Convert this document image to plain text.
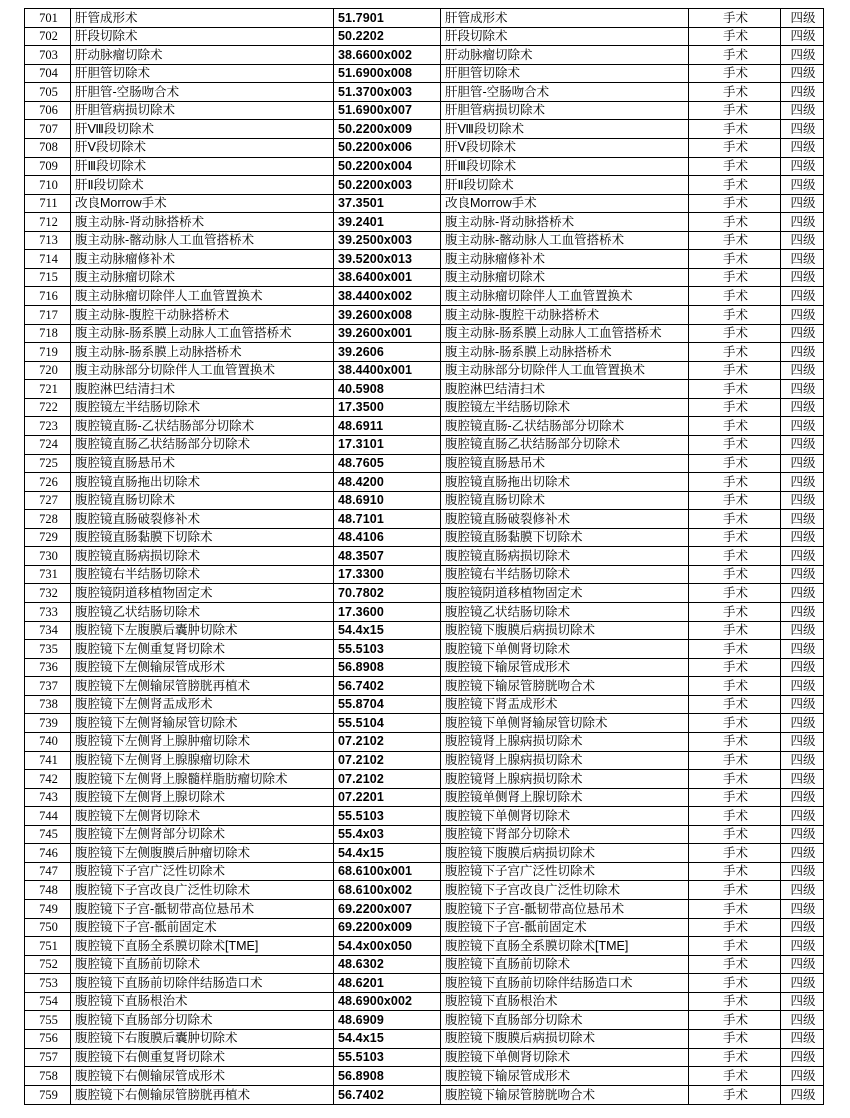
701	肝管成形术	51.7901	肝管成形术	手术	四级
702	肝段切除术	50.2202	肝段切除术	手术	四级
703	肝动脉瘤切除术	38.6600x002	肝动脉瘤切除术	手术	四级
704	肝胆管切除术	51.6900x008	肝胆管切除术	手术	四级
705	肝胆管-空肠吻合术	51.3700x003	肝胆管-空肠吻合术	手术	四级
706	肝胆管病损切除术	51.6900x007	肝胆管病损切除术	手术	四级
707	肝Ⅷ段切除术	50.2200x009	肝Ⅷ段切除术	手术	四级
708	肝Ⅴ段切除术	50.2200x006	肝Ⅴ段切除术	手术	四级
709	肝Ⅲ段切除术	50.2200x004	肝Ⅲ段切除术	手术	四级
710	肝Ⅱ段切除术	50.2200x003	肝Ⅱ段切除术	手术	四级
711	改良Morrow手术	37.3501	改良Morrow手术	手术	四级
712	腹主动脉-肾动脉搭桥术	39.2401	腹主动脉-肾动脉搭桥术	手术	四级
713	腹主动脉-髂动脉人工血管搭桥术	39.2500x003	腹主动脉-髂动脉人工血管搭桥术	手术	四级
714	腹主动脉瘤修补术	39.5200x013	腹主动脉瘤修补术	手术	四级
715	腹主动脉瘤切除术	38.6400x001	腹主动脉瘤切除术	手术	四级
716	腹主动脉瘤切除伴人工血管置换术	38.4400x002	腹主动脉瘤切除伴人工血管置换术	手术	四级
717	腹主动脉-腹腔干动脉搭桥术	39.2600x008	腹主动脉-腹腔干动脉搭桥术	手术	四级
718	腹主动脉-肠系膜上动脉人工血管搭桥术	39.2600x001	腹主动脉-肠系膜上动脉人工血管搭桥术	手术	四级
719	腹主动脉-肠系膜上动脉搭桥术	39.2606	腹主动脉-肠系膜上动脉搭桥术	手术	四级
720	腹主动脉部分切除伴人工血管置换术	38.4400x001	腹主动脉部分切除伴人工血管置换术	手术	四级
721	腹腔淋巴结清扫术	40.5908	腹腔淋巴结清扫术	手术	四级
722	腹腔镜左半结肠切除术	17.3500	腹腔镜左半结肠切除术	手术	四级
723	腹腔镜直肠-乙状结肠部分切除术	48.6911	腹腔镜直肠-乙状结肠部分切除术	手术	四级
724	腹腔镜直肠乙状结肠部分切除术	17.3101	腹腔镜直肠乙状结肠部分切除术	手术	四级
725	腹腔镜直肠悬吊术	48.7605	腹腔镜直肠悬吊术	手术	四级
726	腹腔镜直肠拖出切除术	48.4200	腹腔镜直肠拖出切除术	手术	四级
727	腹腔镜直肠切除术	48.6910	腹腔镜直肠切除术	手术	四级
728	腹腔镜直肠破裂修补术	48.7101	腹腔镜直肠破裂修补术	手术	四级
729	腹腔镜直肠黏膜下切除术	48.4106	腹腔镜直肠黏膜下切除术	手术	四级
730	腹腔镜直肠病损切除术	48.3507	腹腔镜直肠病损切除术	手术	四级
731	腹腔镜右半结肠切除术	17.3300	腹腔镜右半结肠切除术	手术	四级
732	腹腔镜阴道移植物固定术	70.7802	腹腔镜阴道移植物固定术	手术	四级
733	腹腔镜乙状结肠切除术	17.3600	腹腔镜乙状结肠切除术	手术	四级
734	腹腔镜下左腹膜后囊肿切除术	54.4x15	腹腔镜下腹膜后病损切除术	手术	四级
735	腹腔镜下左侧重复肾切除术	55.5103	腹腔镜下单侧肾切除术	手术	四级
736	腹腔镜下左侧输尿管成形术	56.8908	腹腔镜下输尿管成形术	手术	四级
737	腹腔镜下左侧输尿管膀胱再植术	56.7402	腹腔镜下输尿管膀胱吻合术	手术	四级
738	腹腔镜下左侧肾盂成形术	55.8704	腹腔镜下肾盂成形术	手术	四级
739	腹腔镜下左侧肾输尿管切除术	55.5104	腹腔镜下单侧肾输尿管切除术	手术	四级
740	腹腔镜下左侧肾上腺肿瘤切除术	07.2102	腹腔镜肾上腺病损切除术	手术	四级
741	腹腔镜下左侧肾上腺腺瘤切除术	07.2102	腹腔镜肾上腺病损切除术	手术	四级
742	腹腔镜下左侧肾上腺髓样脂肪瘤切除术	07.2102	腹腔镜肾上腺病损切除术	手术	四级
743	腹腔镜下左侧肾上腺切除术	07.2201	腹腔镜单侧肾上腺切除术	手术	四级
744	腹腔镜下左侧肾切除术	55.5103	腹腔镜下单侧肾切除术	手术	四级
745	腹腔镜下左侧肾部分切除术	55.4x03	腹腔镜下肾部分切除术	手术	四级
746	腹腔镜下左侧腹膜后肿瘤切除术	54.4x15	腹腔镜下腹膜后病损切除术	手术	四级
747	腹腔镜下子宫广泛性切除术	68.6100x001	腹腔镜下子宫广泛性切除术	手术	四级
748	腹腔镜下子宫改良广泛性切除术	68.6100x002	腹腔镜下子宫改良广泛性切除术	手术	四级
749	腹腔镜下子宫-骶韧带高位悬吊术	69.2200x007	腹腔镜下子宫-骶韧带高位悬吊术	手术	四级
750	腹腔镜下子宫-骶前固定术	69.2200x009	腹腔镜下子宫-骶前固定术	手术	四级
751	腹腔镜下直肠全系膜切除术[TME]	54.4x00x050	腹腔镜下直肠全系膜切除术[TME]	手术	四级
752	腹腔镜下直肠前切除术	48.6302	腹腔镜下直肠前切除术	手术	四级
753	腹腔镜下直肠前切除伴结肠造口术	48.6201	腹腔镜下直肠前切除伴结肠造口术	手术	四级
754	腹腔镜下直肠根治术	48.6900x002	腹腔镜下直肠根治术	手术	四级
755	腹腔镜下直肠部分切除术	48.6909	腹腔镜下直肠部分切除术	手术	四级
756	腹腔镜下右腹膜后囊肿切除术	54.4x15	腹腔镜下腹膜后病损切除术	手术	四级
757	腹腔镜下右侧重复肾切除术	55.5103	腹腔镜下单侧肾切除术	手术	四级
758	腹腔镜下右侧输尿管成形术	56.8908	腹腔镜下输尿管成形术	手术	四级
759	腹腔镜下右侧输尿管膀胱再植术	56.7402	腹腔镜下输尿管膀胱吻合术	手术	四级
